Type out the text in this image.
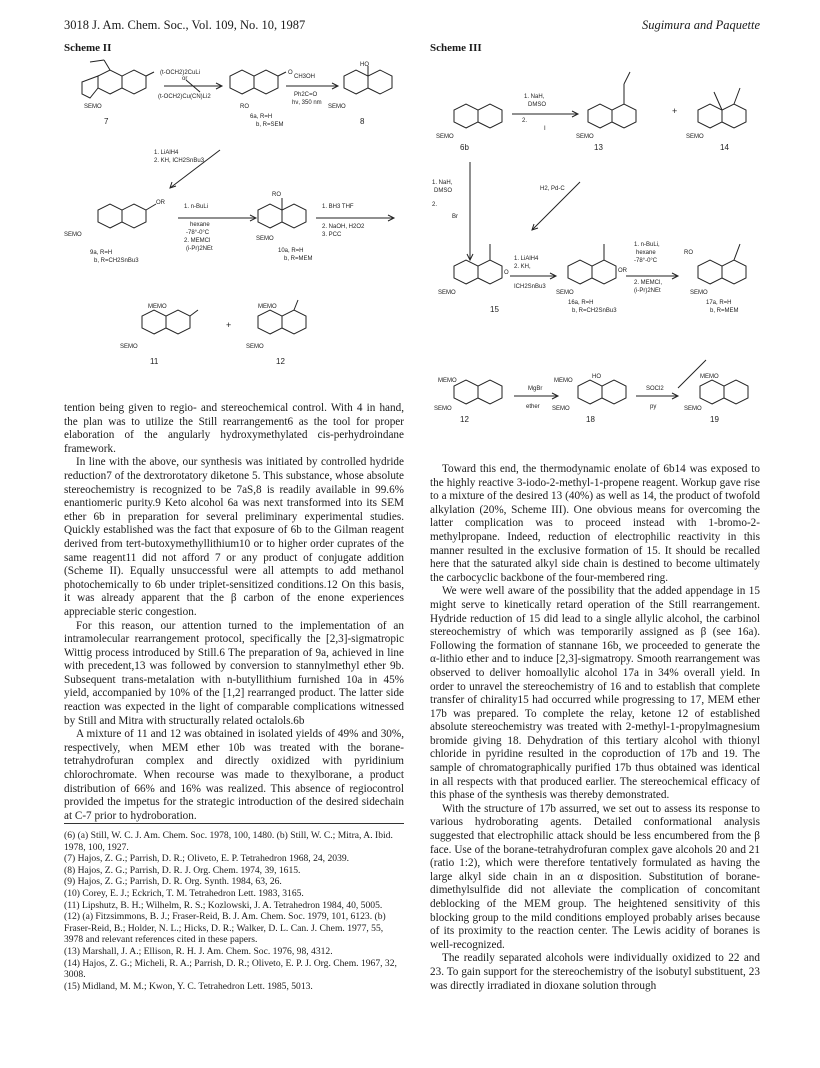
3018 J. Am. Chem. Soc., Vol. 109, No. 10, 1987	Sugimura and Paquette
Scheme II
(t-OCH2)2CuLi
or
(t-OCH2)Cu(CN)Li2
CH3OH
Ph2C=O
hν, 350 nm
1. LiAlH4
2. KH, ICH2SnBu3
1. n-BuLi
hexane
-78°-0°C
2. MEMCl
(i-Pr)2NEt
1. BH3 THF
2. NaOH, H2O2
3. PCC
SEMO	RO	SEMO
SEMO
SEMO
RO
SEMO
MEMO	MEMO
SEMO
HO
OR
O
7	6a, R=H
b, R=SEM	8
9a, R=H
b, R=CH2SnBu3
10a, R=H
b, R=MEM
11	12
+
Scheme III
1. NaH,
DMSO
2.
I
1. NaH,
DMSO
2.
Br
H2, Pd-C
1. LiAlH4
2. KH,
ICH2SnBu3
1. n-BuLi,
hexane
-78°-0°C
2. MEMCl,
(i-Pr)2NEt
MgBr
ether
SOCl2
py
SEMO	SEMO	SEMO
SEMO	SEMO	SEMO
SEMO	SEMO	SEMO
MEMO	MEMO
MEMO
HO
RO
OR
O
6b	13	14
15
16a, R=H
b, R=CH2SnBu3
17a, R=H
b, R=MEM
12	18	19
+

tention being given to regio- and stereochemical control. With 4 in hand, the plan was to utilize the Still rearrangement6 as the tool for proper elaboration of the angularly hydroxymethylated cis-perhydroindane framework.

In line with the above, our synthesis was initiated by controlled hydride reduction7 of the dextrorotatory diketone 5. This substance, whose absolute stereochemistry is recognized to be 7aS,8 is readily available in 99.6% enantiomeric purity.9 Keto alcohol 6a was next transformed into its SEM ether 6b in preparation for several preliminary experimental studies. Quickly established was the fact that exposure of 6b to the Gilman reagent derived from tert-butoxymethyllithium10 or to higher order cuprates of the same reagent11 did not afford 7 or any product of conjugate addition (Scheme II). Equally unsuccessful were all attempts to add methanol photochemically to 6b under triplet-sensitized conditions.12 On this basis, it was already apparent that the β carbon of the enone experiences appreciable steric congestion.

For this reason, our attention turned to the implementation of an intramolecular rearrangement protocol, specifically the [2,3]-sigmatropic Wittig process introduced by Still.6 The preparation of 9a, achieved in line with precedent,13 was followed by conversion to stannylmethyl ether 9b. Subsequent trans-metalation with n-butyllithium furnished 10a in 45% yield, accompanied by 10% of the [1,2] rearranged product. The latter side reaction was expected in the light of comparable complications witnessed by Still and Mitra with structurally related octalols.6b

A mixture of 11 and 12 was obtained in isolated yields of 49% and 30%, respectively, when MEM ether 10b was treated with the borane-tetrahydrofuran complex and directly oxidized with pyridinium chlorochromate. When recourse was made to thexylborane, a product distribution of 66% and 16% was realized. This absence of regiocontrol provided the impetus for the strategic introduction of the desired sidechain at C-7 prior to hydroboration.

(6) (a) Still, W. C. J. Am. Chem. Soc. 1978, 100, 1480. (b) Still, W. C.; Mitra, A. Ibid. 1978, 100, 1927.
(7) Hajos, Z. G.; Parrish, D. R.; Oliveto, E. P. Tetrahedron 1968, 24, 2039.
(8) Hajos, Z. G.; Parrish, D. R. J. Org. Chem. 1974, 39, 1615.
(9) Hajos, Z. G.; Parrish, D. R. Org. Synth. 1984, 63, 26.
(10) Corey, E. J.; Eckrich, T. M. Tetrahedron Lett. 1983, 3165.
(11) Lipshutz, B. H.; Wilhelm, R. S.; Kozlowski, J. A. Tetrahedron 1984, 40, 5005.
(12) (a) Fitzsimmons, B. J.; Fraser-Reid, B. J. Am. Chem. Soc. 1979, 101, 6123. (b) Fraser-Reid, B.; Holder, N. L.; Hicks, D. R.; Walker, D. L. Can. J. Chem. 1977, 55, 3978 and relevant references cited in these papers.
(13) Marshall, J. A.; Ellison, R. H. J. Am. Chem. Soc. 1976, 98, 4312.
(14) Hajos, Z. G.; Micheli, R. A.; Parrish, D. R.; Oliveto, E. P. J. Org. Chem. 1967, 32, 3008.
(15) Midland, M. M.; Kwon, Y. C. Tetrahedron Lett. 1985, 5013.

Toward this end, the thermodynamic enolate of 6b14 was exposed to the highly reactive 3-iodo-2-methyl-1-propene reagent. Workup gave rise to a mixture of the desired 13 (40%) as well as 14, the product of twofold alkylation (20%, Scheme III). One obvious means for overcoming the latter complication was to proceed instead with 1-bromo-2-methylpropane. Indeed, reduction of electrophilic reactivity in this manner resulted in the exclusive formation of 15. It should be recalled here that the saturated alkyl side chain is destined to become ultimately the carbocyclic backbone of the four-membered ring.

We were well aware of the possibility that the added appendage in 15 might serve to kinetically retard operation of the Still rearrangement. Hydride reduction of 15 did lead to a single allylic alcohol, the carbinol stereochemistry of which was temporarily assigned as β (see 16a). Following the formation of stannane 16b, we proceeded to generate the α-lithio ether and to induce [2,3]-sigmatropy. Smooth rearrangement was observed to deliver homoallylic alcohol 17a in 34% overall yield. In order to unravel the stereochemistry of 16 and to establish that complete transfer of chirality15 had occurred while progressing to 17, MEM ether 17b was prepared. To complete the relay, ketone 12 of established absolute stereochemistry was treated with 2-methyl-1-propylmagnesium bromide giving 18. Dehydration of this tertiary alcohol with thionyl chloride in pyridine resulted in the coproduction of 17b and 19. The sample of chromatographically purified 17b thus obtained was identical in all respects with that produced earlier. The stereochemical efficacy of this phase of the synthesis was thereby demonstrated.

With the structure of 17b assurred, we set out to assess its response to various hydroborating agents. Detailed conformational analysis suggested that electrophilic attack should be less encumbered from the β face. Use of the borane-tetrahydrofuran complex gave alcohols 20 and 21 (ratio 1:2), which were therefore tentatively formulated as having the large alkyl side chain in an α disposition. Substitution of borane-dimethylsulfide did not alleviate the complication of concomitant deblocking of the MEM group. The heightened sensitivity of this blocking group to the mild conditions employed probably arises because of its proximity to the reaction center. The Lewis acidity of boranes is well-recognized.

The readily separated alcohols were individually oxidized to 22 and 23. To gain support for the stereochemistry of the isobutyl substituent, 23 was directly irradiated in dioxane solution through
